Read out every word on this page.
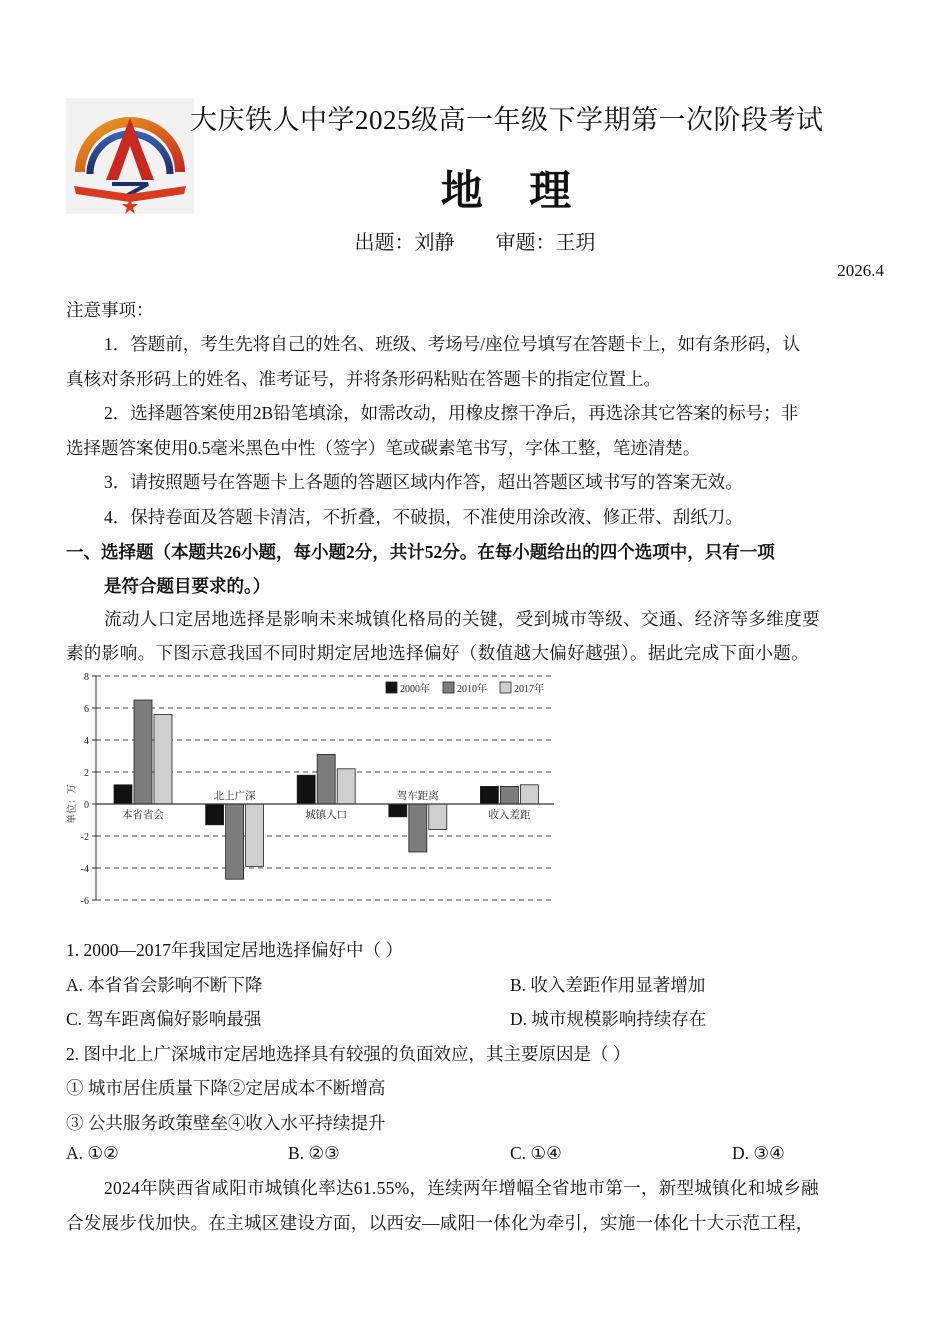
大庆铁人中学2025级高一年级下学期第一次阶段考试
地 理
出题：刘静 审题：王玥
2026.4
注意事项：
1．答题前，考生先将自己的姓名、班级、考场号/座位号填写在答题卡上，如有条形码，认
真核对条形码上的姓名、准考证号，并将条形码粘贴在答题卡的指定位置上。
2．选择题答案使用2B铅笔填涂，如需改动，用橡皮擦干净后，再选涂其它答案的标号；非
选择题答案使用0.5毫米黑色中性（签字）笔或碳素笔书写，字体工整，笔迹清楚。
3．请按照题号在答题卡上各题的答题区域内作答，超出答题区域书写的答案无效。
4．保持卷面及答题卡清洁，不折叠，不破损，不准使用涂改液、修正带、刮纸刀。
一、选择题（本题共26小题，每小题2分，共计52分。在每小题给出的四个选项中，只有一项
是符合题目要求的。）
流动人口定居地选择是影响未来城镇化格局的关键，受到城市等级、交通、经济等多维度要
素的影响。下图示意我国不同时期定居地选择偏好（数值越大偏好越强）。据此完成下面小题。
8
6
4
2
0
-2
-4
-6
单位：万	本省省会
北上广深
城镇人口
驾车距离
收入差距
2000年	2010年	2017年
1. 2000—2017年我国定居地选择偏好中（ ）
A. 本省省会影响不断下降	B. 收入差距作用显著增加
C. 驾车距离偏好影响最强	D. 城市规模影响持续存在
2. 图中北上广深城市定居地选择具有较强的负面效应，其主要原因是（ ）
① 城市居住质量下降②定居成本不断增高
③ 公共服务政策壁垒④收入水平持续提升
A. ①②	B. ②③	C. ①④	D. ③④
2024年陕西省咸阳市城镇化率达61.55%，连续两年增幅全省地市第一，新型城镇化和城乡融
合发展步伐加快。在主城区建设方面，以西安—咸阳一体化为牵引，实施一体化十大示范工程，
